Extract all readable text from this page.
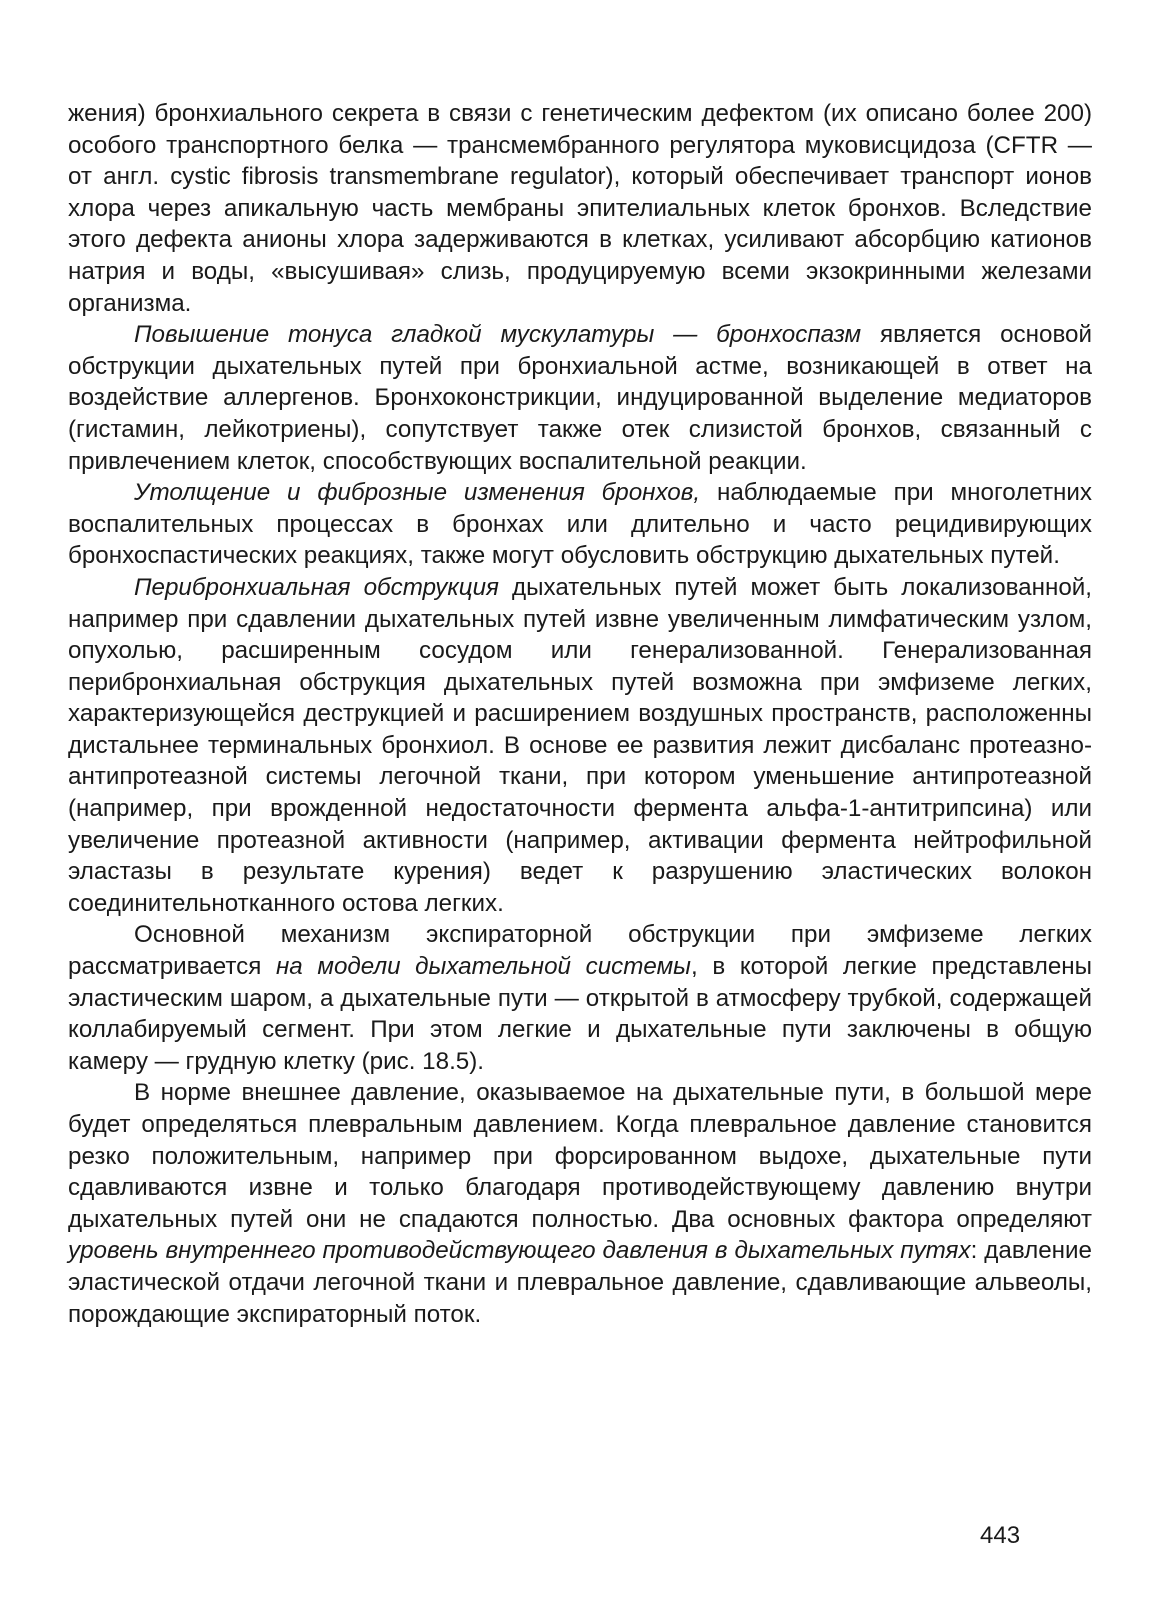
жения) бронхиального секрета в связи с генетическим дефектом (их описано более 200) особого транспортного белка — трансмембранного регулятора муковисцидоза (CFTR — от англ. cystic fibrosis transmembrane regulator), который обеспечивает транспорт ионов хлора через апикальную часть мембраны эпителиальных клеток бронхов. Вследствие этого дефекта анионы хлора задерживаются в клетках, усиливают абсорбцию катионов натрия и воды, «высушивая» слизь, продуцируемую всеми экзокринными железами организма.

Повышение тонуса гладкой мускулатуры — бронхоспазм является основой обструкции дыхательных путей при бронхиальной астме, возникающей в ответ на воздействие аллергенов. Бронхоконстрикции, индуцированной выделение медиаторов (гистамин, лейкотриены), сопутствует также отек слизистой бронхов, связанный с привлечением клеток, способствующих воспалительной реакции.

Утолщение и фиброзные изменения бронхов, наблюдаемые при многолетних воспалительных процессах в бронхах или длительно и часто рецидивирующих бронхоспастических реакциях, также могут обусловить обструкцию дыхательных путей.

Перибронхиальная обструкция дыхательных путей может быть локализованной, например при сдавлении дыхательных путей извне увеличенным лимфатическим узлом, опухолью, расширенным сосудом или генерализованной. Генерализованная перибронхиальная обструкция дыхательных путей возможна при эмфиземе легких, характеризующейся деструкцией и расширением воздушных пространств, расположенны дистальнее терминальных бронхиол. В основе ее развития лежит дисбаланс протеазно-антипротеазной системы легочной ткани, при котором уменьшение антипротеазной (например, при врожденной недостаточности фермента альфа-1-антитрипсина) или увеличение протеазной активности (например, активации фермента нейтрофильной эластазы в результате курения) ведет к разрушению эластических волокон соединительнотканного остова легких.

Основной механизм экспираторной обструкции при эмфиземе легких рассматривается на модели дыхательной системы, в которой легкие представлены эластическим шаром, а дыхательные пути — открытой в атмосферу трубкой, содержащей коллабируемый сегмент. При этом легкие и дыхательные пути заключены в общую камеру — грудную клетку (рис. 18.5).

В норме внешнее давление, оказываемое на дыхательные пути, в большой мере будет определяться плевральным давлением. Когда плевральное давление становится резко положительным, например при форсированном выдохе, дыхательные пути сдавливаются извне и только благодаря противодействующему давлению внутри дыхательных путей они не спадаются полностью. Два основных фактора определяют уровень внутреннего противодействующего давления в дыхательных путях: давление эластической отдачи легочной ткани и плевральное давление, сдавливающие альвеолы, порождающие экспираторный поток.

443
